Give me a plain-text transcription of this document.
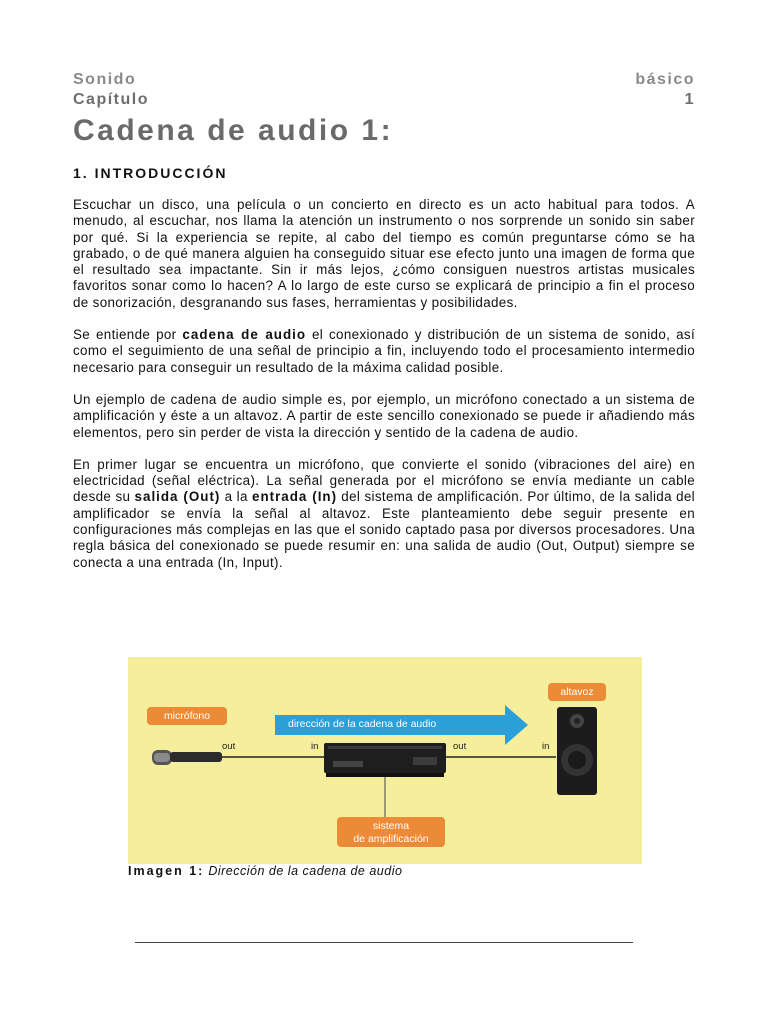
Sonido	básico
Capítulo	1
Cadena de audio 1:
1. INTRODUCCIÓN

Escuchar un disco, una película o un concierto en directo es un acto habitual para todos. A menudo, al escuchar, nos llama la atención un instrumento o nos sorprende un sonido sin saber por qué. Si la experiencia se repite, al cabo del tiempo es común preguntarse cómo se ha grabado, o de qué manera alguien ha conseguido situar ese efecto junto una imagen de forma que el resultado sea impactante. Sin ir más lejos, ¿cómo consiguen nuestros artistas musicales favoritos sonar como lo hacen? A lo largo de este curso se explicará de principio a fin el proceso de sonorización, desgranando sus fases, herramientas y posibilidades.

Se entiende por cadena de audio el conexionado y distribución de un sistema de sonido, así como el seguimiento de una señal de principio a fin, incluyendo todo el procesamiento intermedio necesario para conseguir un resultado de la máxima calidad posible.

Un ejemplo de cadena de audio simple es, por ejemplo, un micrófono conectado a un sistema de amplificación y éste a un altavoz. A partir de este sencillo conexionado se puede ir añadiendo más elementos, pero sin perder de vista la dirección y sentido de la cadena de audio.

En primer lugar se encuentra un micrófono, que convierte el sonido (vibraciones del aire) en electricidad (señal eléctrica). La señal generada por el micrófono se envía mediante un cable desde su salida (Out) a la entrada (In) del sistema de amplificación. Por último, de la salida del amplificador se envía la señal al altavoz. Este planteamiento debe seguir presente en configuraciones más complejas en las que el sonido captado pasa por diversos procesadores. Una regla básica del conexionado se puede resumir en: una salida de audio (Out, Output) siempre se conecta a una entrada (In, Input).

micrófono
altavoz
dirección de la cadena de audio
sistema
de amplificación
out	in	out	in
Imagen 1: Dirección de la cadena de audio
